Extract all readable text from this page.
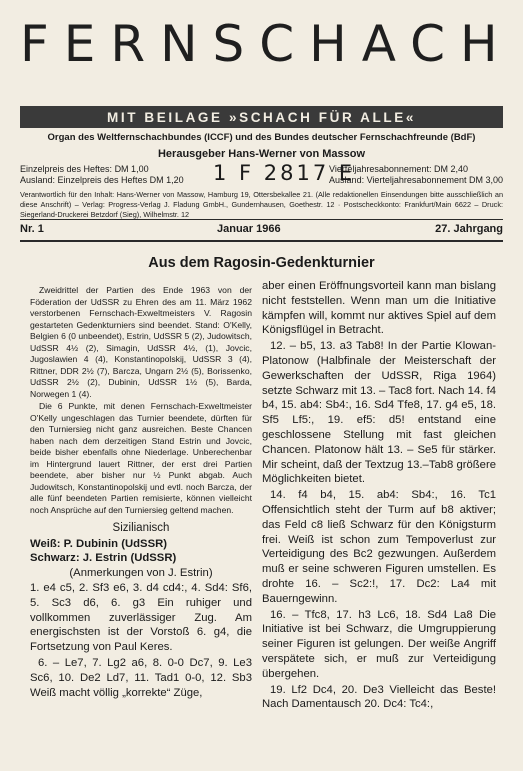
FERNSCHACH
MIT BEILAGE »SCHACH FÜR ALLE«
Organ des Weltfernschachbundes (ICCF) und des Bundes deutscher Fernschachfreunde (BdF)
Herausgeber Hans-Werner von Massow
Einzelpreis des Heftes: DM 1,00
Ausland: Einzelpreis des Heftes DM 1,20 1 F 2817 E
Vierteljahresabonnement: DM 2,40
Ausland: Vierteljahresabonnement DM 3,00
Verantwortlich für den Inhalt: Hans-Werner von Massow, Hamburg 19, Ottersbekallee 21. (Alle redaktionellen Einsendungen bitte ausschließlich an diese Anschrift) – Verlag: Progress-Verlag J. Fladung GmbH., Gundernhausen, Goethestr. 12 · Postscheckkonto: Frankfurt/Main 6622 – Druck: Siegerland-Druckerei Betzdorf (Sieg), Wilhelmstr. 12
Nr. 1	Januar 1966	27. Jahrgang
Aus dem Ragosin-Gedenkturnier

Zweidrittel der Partien des Ende 1963 von der Föderation der UdSSR zu Ehren des am 11. März 1962 verstorbenen Fernschach-Exweltmeisters V. Ragosin gestarteten Gedenkturniers sind beendet. Stand: O'Kelly, Belgien 6 (0 unbeendet), Estrin, UdSSR 5 (2), Judowitsch, UdSSR 4½ (2), Simagin, UdSSR 4½, (1), Jovcic, Jugoslawien 4 (4), Konstantinopolskij, UdSSR 3 (4), Rittner, DDR 2½ (7), Barcza, Ungarn 2½ (5), Borissenko, UdSSR 2½ (2), Dubinin, UdSSR 1½ (5), Barda, Norwegen 1 (4).

Die 6 Punkte, mit denen Fernschach-Exweltmeister O'Kelly ungeschlagen das Turnier beendete, dürften für den Turniersieg nicht ganz ausreichen. Beste Chancen haben nach dem derzeitigen Stand Estrin und Jovcic, beide bisher ebenfalls ohne Niederlage. Unberechenbar im Hintergrund lauert Rittner, der erst drei Partien beendete, aber bisher nur ½ Punkt abgab. Auch Judowitsch, Konstantinopolskij und evtl. noch Barcza, der alle fünf beendeten Partien remisierte, können vielleicht noch Ansprüche auf den Turniersieg geltend machen.

Sizilianisch

Weiß: P. Dubinin (UdSSR)

Schwarz: J. Estrin (UdSSR)

(Anmerkungen von J. Estrin)

1. e4 c5, 2. Sf3 e6, 3. d4 cd4:, 4. Sd4: Sf6, 5. Sc3 d6, 6. g3 Ein ruhiger und vollkommen zuverlässiger Zug. Am energischsten ist der Vorstoß 6. g4, die Fortsetzung von Paul Keres.

6. – Le7, 7. Lg2 a6, 8. 0-0 Dc7, 9. Le3 Sc6, 10. De2 Ld7, 11. Tad1 0-0, 12. Sb3 Weiß macht völlig „korrekte“ Züge,

aber einen Eröffnungsvorteil kann man bislang nicht feststellen. Wenn man um die Initiative kämpfen will, kommt nur aktives Spiel auf dem Königsflügel in Betracht.

12. – b5, 13. a3 Tab8! In der Partie Klowan-Platonow (Halbfinale der Meisterschaft der Gewerkschaften der UdSSR, Riga 1964) setzte Schwarz mit 13. – Tac8 fort. Nach 14. f4 b4, 15. ab4: Sb4:, 16. Sd4 Tfe8, 17. g4 e5, 18. Sf5 Lf5:, 19. ef5: d5! entstand eine geschlossene Stellung mit fast gleichen Chancen. Platonow hält 13. – Se5 für stärker. Mir scheint, daß der Textzug 13.–Tab8 größere Möglichkeiten bietet.

14. f4 b4, 15. ab4: Sb4:, 16. Tc1 Offensichtlich steht der Turm auf b8 aktiver; das Feld c8 ließ Schwarz für den Königsturm frei. Weiß ist schon zum Tempoverlust zur Verteidigung des Bc2 gezwungen. Außerdem muß er seine schweren Figuren umstellen. Es drohte 16. – Sc2:!, 17. Dc2: La4 mit Bauerngewinn.

16. – Tfc8, 17. h3 Lc6, 18. Sd4 La8 Die Initiative ist bei Schwarz, die Umgruppierung seiner Figuren ist gelungen. Der weiße Angriff verspätete sich, er muß zur Verteidigung übergehen.

19. Lf2 Dc4, 20. De3 Vielleicht das Beste! Nach Damentausch 20. Dc4: Tc4:,
